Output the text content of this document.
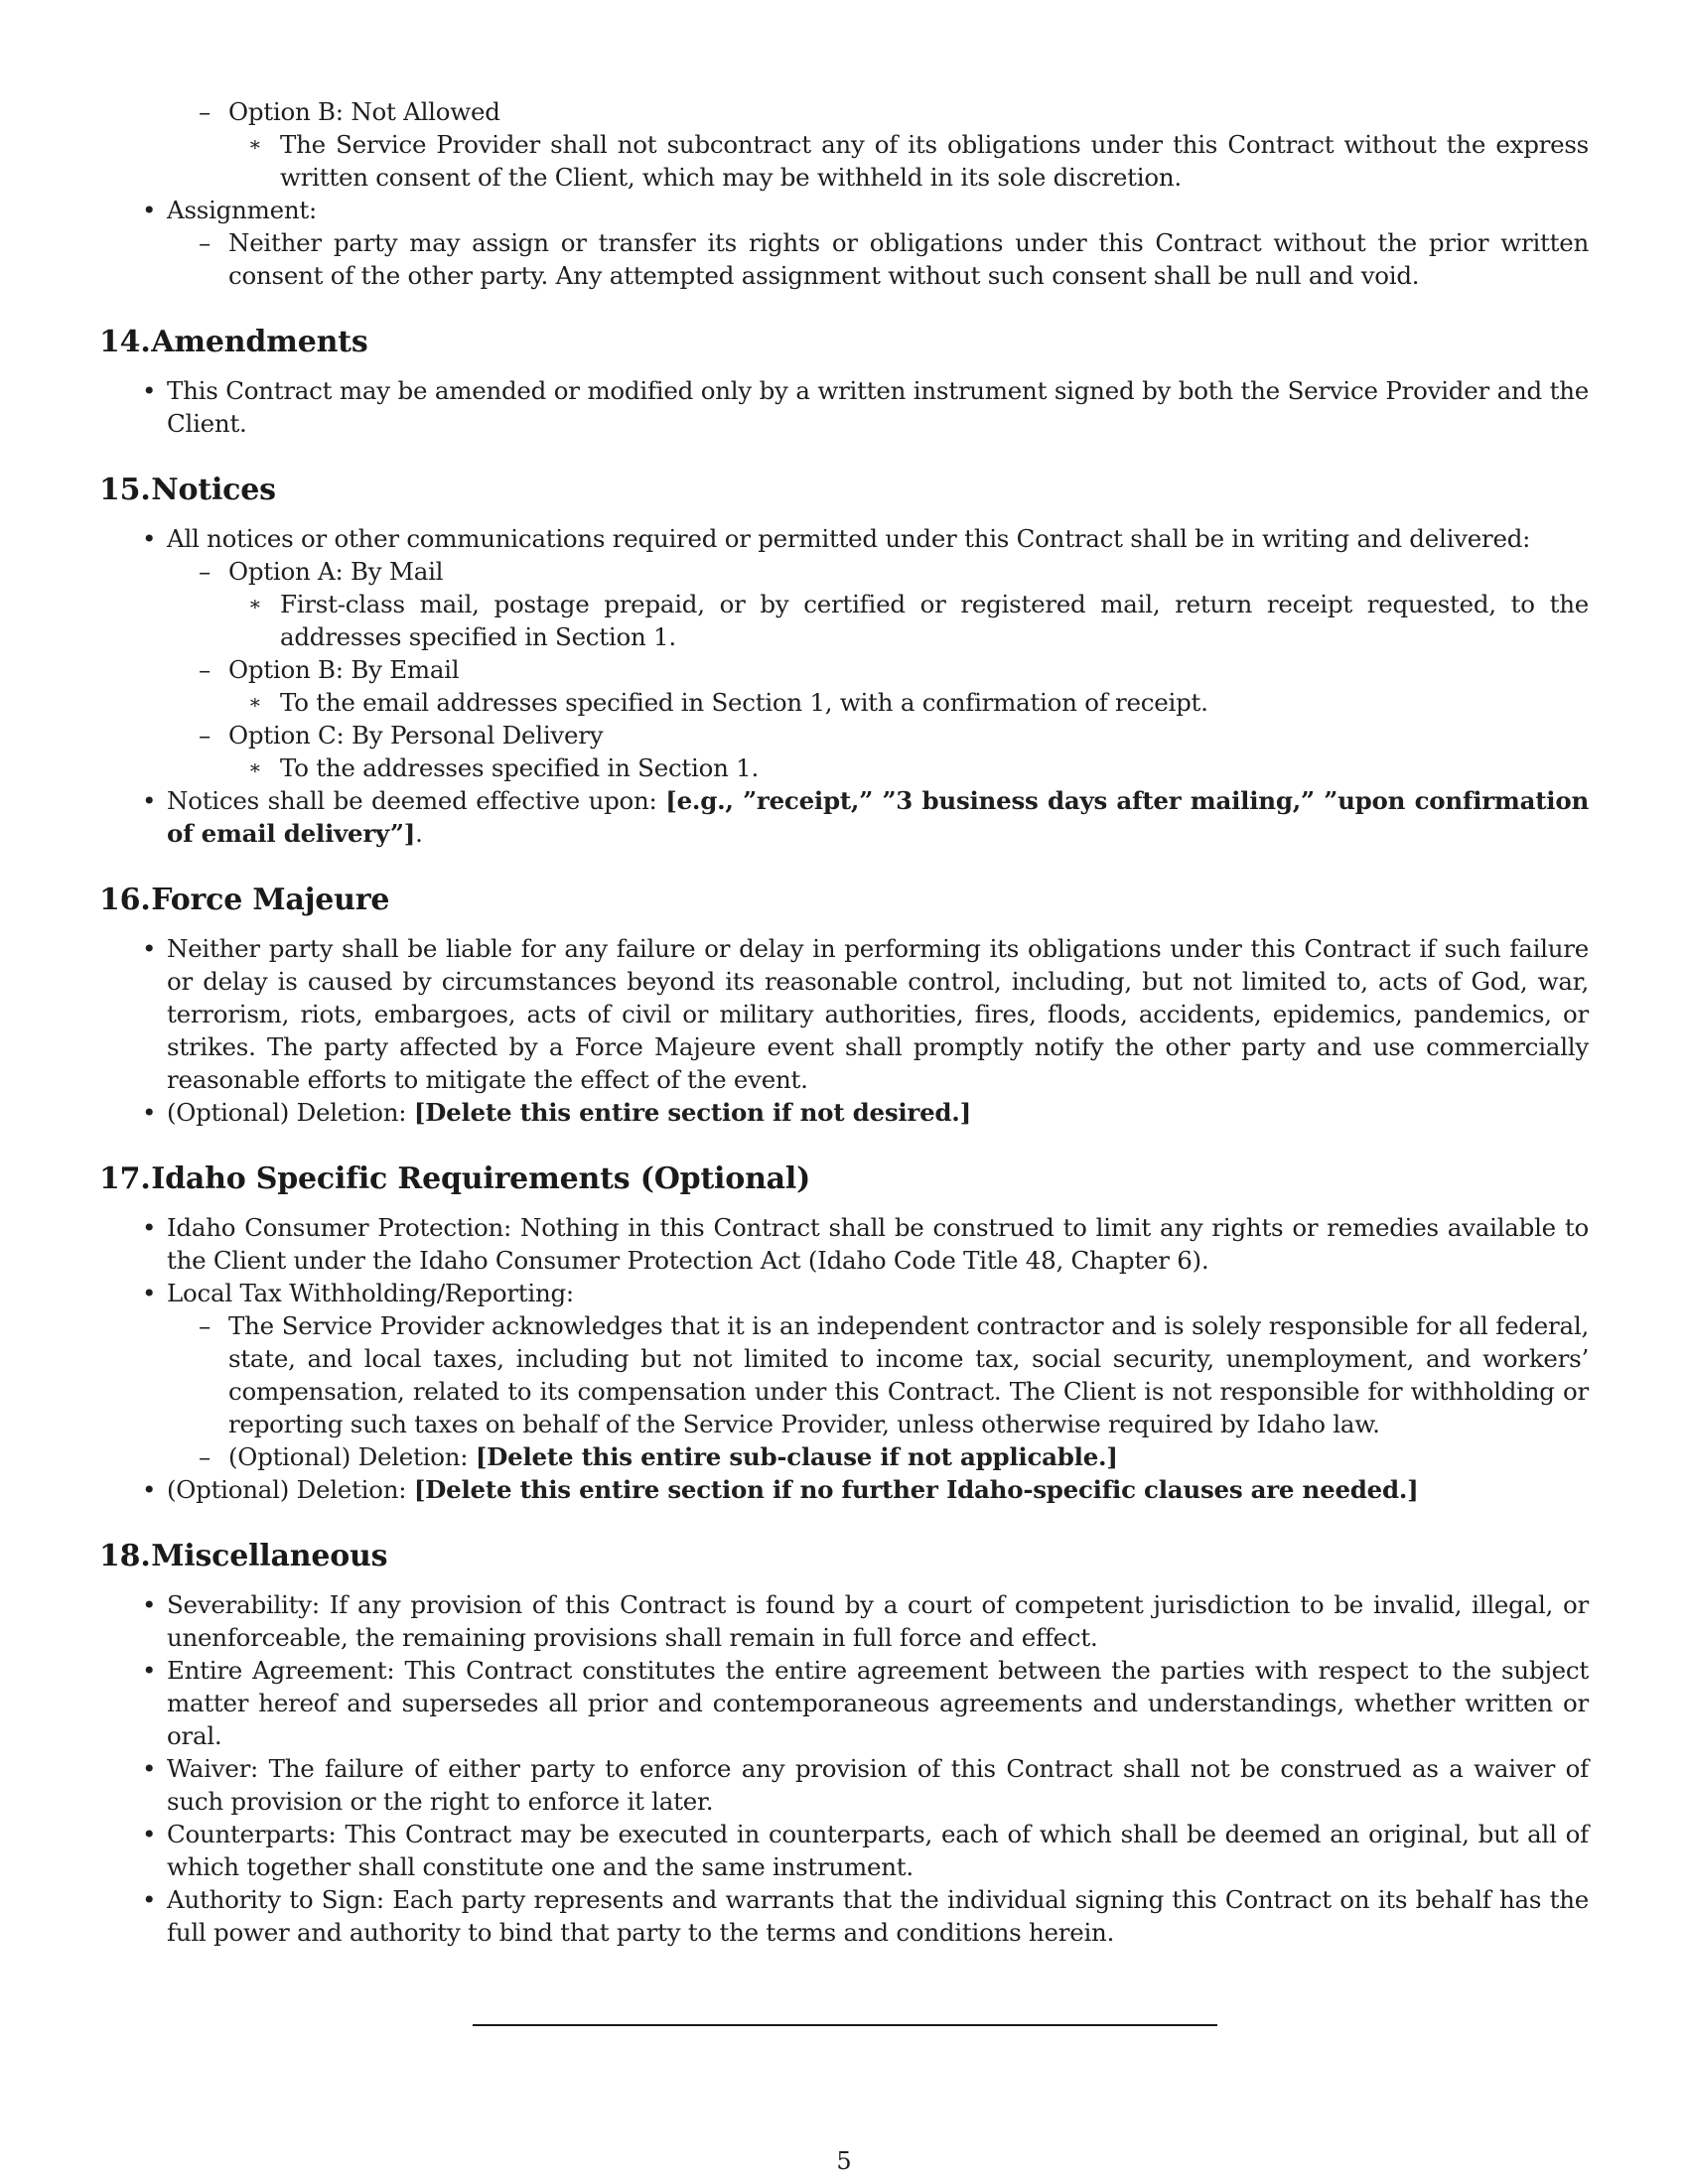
– Option B: Not Allowed
∗ The Service Provider shall not subcontract any of its obligations under this Contract without the express written consent of the Client, which may be withheld in its sole discretion.
• Assignment:
– Neither party may assign or transfer its rights or obligations under this Contract without the prior written consent of the other party. Any attempted assignment without such consent shall be null and void.
14. Amendments
• This Contract may be amended or modified only by a written instrument signed by both the Service Provider and the Client.
15. Notices
• All notices or other communications required or permitted under this Contract shall be in writing and delivered:
– Option A: By Mail
∗ First-class mail, postage prepaid, or by certified or registered mail, return receipt requested, to the addresses specified in Section 1.
– Option B: By Email
∗ To the email addresses specified in Section 1, with a confirmation of receipt.
– Option C: By Personal Delivery
∗ To the addresses specified in Section 1.
• Notices shall be deemed effective upon: [e.g., ”receipt,” ”3 business days after mailing,” ”upon confirmation of email delivery”].
16. Force Majeure
• Neither party shall be liable for any failure or delay in performing its obligations under this Contract if such failure or delay is caused by circumstances beyond its reasonable control, including, but not limited to, acts of God, war, terrorism, riots, embargoes, acts of civil or military authorities, fires, floods, accidents, epidemics, pandemics, or strikes. The party affected by a Force Majeure event shall promptly notify the other party and use commercially reasonable efforts to mitigate the effect of the event.
• (Optional) Deletion: [Delete this entire section if not desired.]
17. Idaho Specific Requirements (Optional)
• Idaho Consumer Protection: Nothing in this Contract shall be construed to limit any rights or remedies available to the Client under the Idaho Consumer Protection Act (Idaho Code Title 48, Chapter 6).
• Local Tax Withholding/Reporting:
– The Service Provider acknowledges that it is an independent contractor and is solely responsible for all federal, state, and local taxes, including but not limited to income tax, social security, unemployment, and workers’ compensation, related to its compensation under this Contract. The Client is not responsible for withholding or reporting such taxes on behalf of the Service Provider, unless otherwise required by Idaho law.
– (Optional) Deletion: [Delete this entire sub-clause if not applicable.]
• (Optional) Deletion: [Delete this entire section if no further Idaho-specific clauses are needed.]
18. Miscellaneous
• Severability: If any provision of this Contract is found by a court of competent jurisdiction to be invalid, illegal, or unenforceable, the remaining provisions shall remain in full force and effect.
• Entire Agreement: This Contract constitutes the entire agreement between the parties with respect to the subject matter hereof and supersedes all prior and contemporaneous agreements and understandings, whether written or oral.
• Waiver: The failure of either party to enforce any provision of this Contract shall not be construed as a waiver of such provision or the right to enforce it later.
• Counterparts: This Contract may be executed in counterparts, each of which shall be deemed an original, but all of which together shall constitute one and the same instrument.
• Authority to Sign: Each party represents and warrants that the individual signing this Contract on its behalf has the full power and authority to bind that party to the terms and conditions herein.
5
